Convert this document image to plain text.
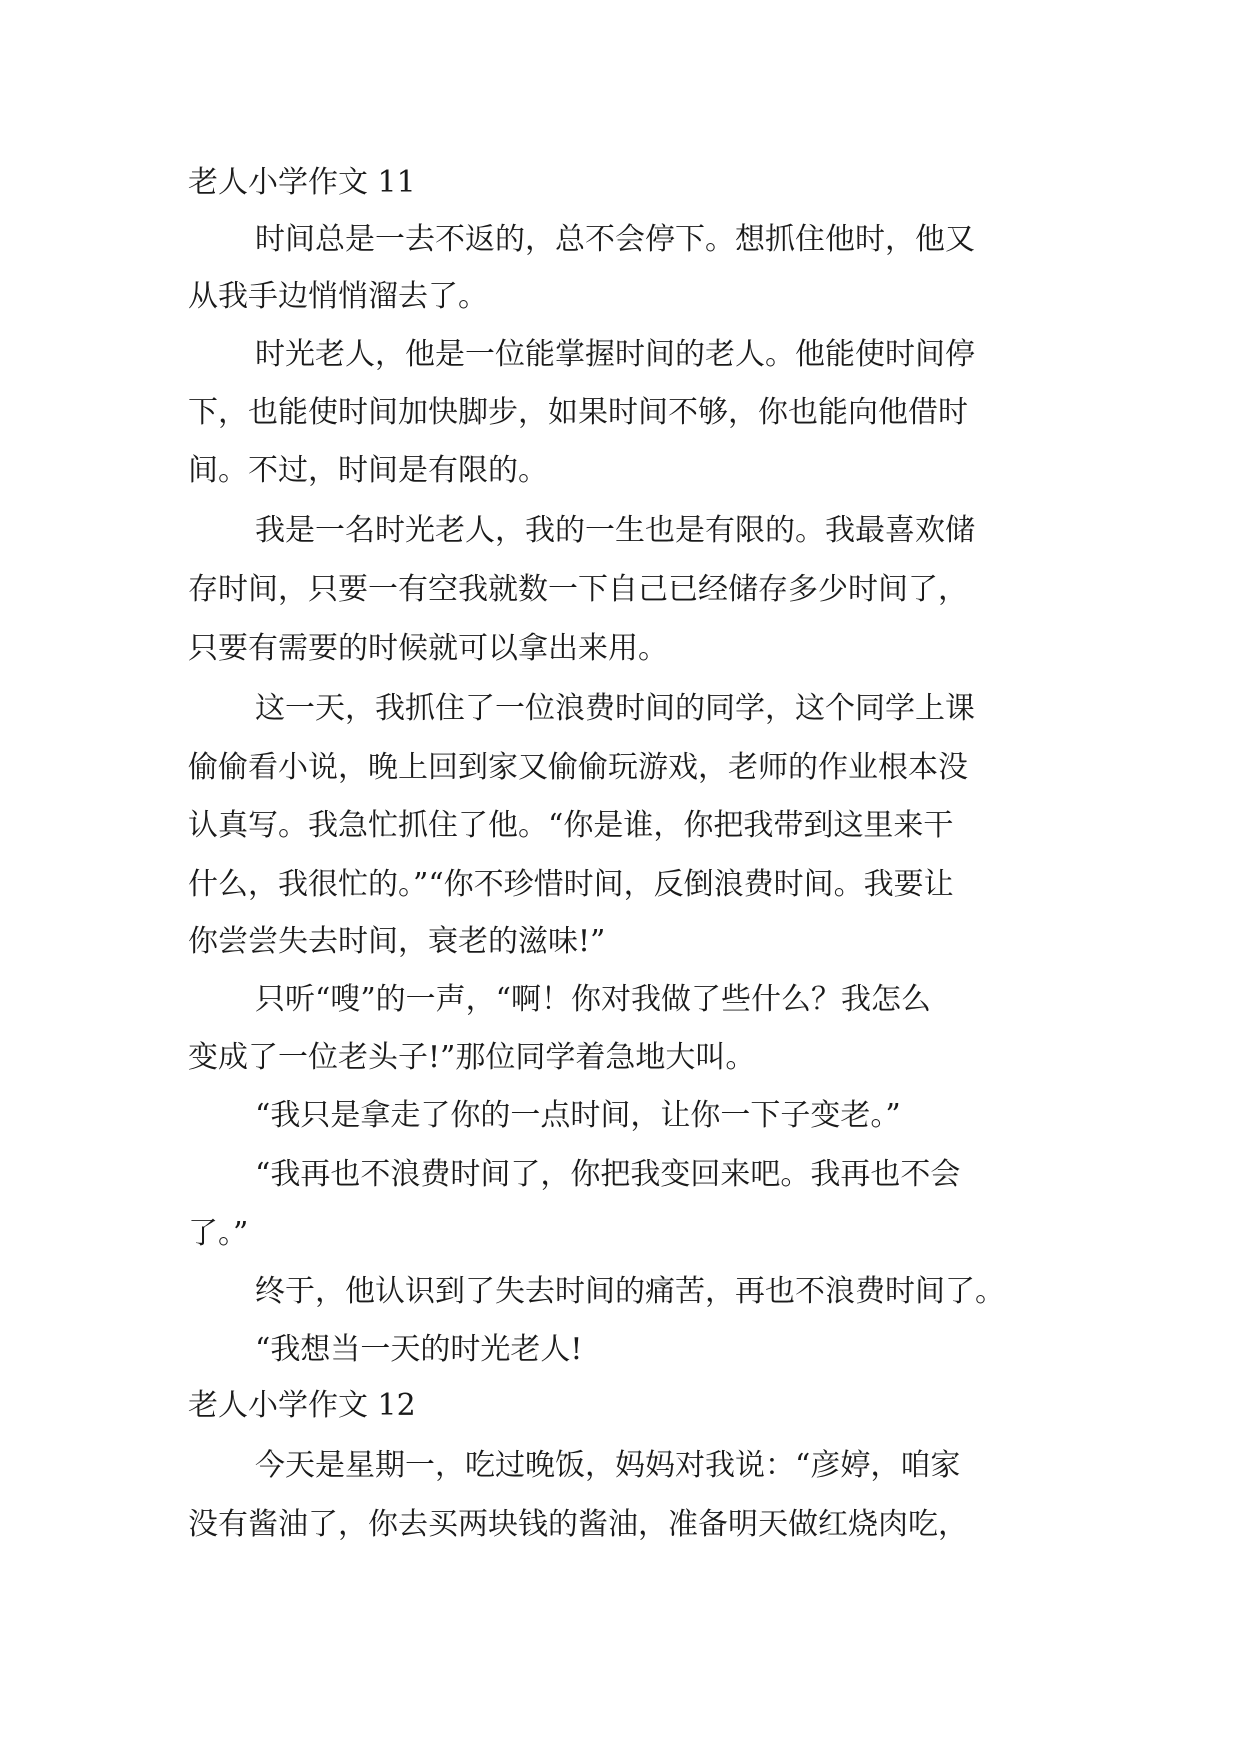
老人小学作文 11
时间总是一去不返的，总不会停下。想抓住他时，他又
从我手边悄悄溜去了。
时光老人，他是一位能掌握时间的老人。他能使时间停
下，也能使时间加快脚步，如果时间不够，你也能向他借时
间。不过，时间是有限的。
我是一名时光老人，我的一生也是有限的。我最喜欢储
存时间，只要一有空我就数一下自己已经储存多少时间了，
只要有需要的时候就可以拿出来用。
这一天，我抓住了一位浪费时间的同学，这个同学上课
偷偷看小说，晚上回到家又偷偷玩游戏，老师的作业根本没
认真写。我急忙抓住了他。“你是谁，你把我带到这里来干
什么，我很忙的。”“你不珍惜时间，反倒浪费时间。我要让
你尝尝失去时间，衰老的滋味!”
只听“嗖”的一声，“啊！你对我做了些什么？我怎么
变成了一位老头子!”那位同学着急地大叫。
“我只是拿走了你的一点时间，让你一下子变老。”
“我再也不浪费时间了，你把我变回来吧。我再也不会
了。”
终于，他认识到了失去时间的痛苦，再也不浪费时间了。
“我想当一天的时光老人!
老人小学作文 12
今天是星期一，吃过晚饭，妈妈对我说：“彦婷，咱家
没有酱油了，你去买两块钱的酱油，准备明天做红烧肉吃，
